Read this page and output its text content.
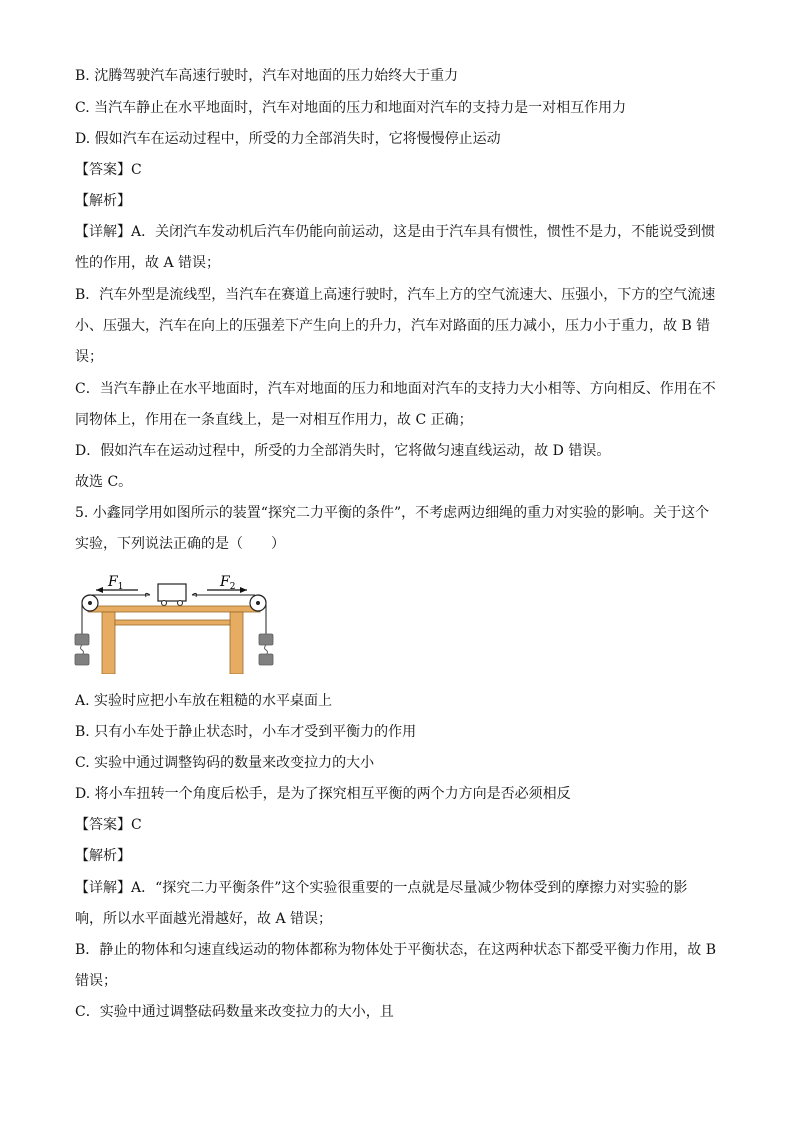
B. 沈腾驾驶汽车高速行驶时，汽车对地面的压力始终大于重力
C. 当汽车静止在水平地面时，汽车对地面的压力和地面对汽车的支持力是一对相互作用力
D. 假如汽车在运动过程中，所受的力全部消失时，它将慢慢停止运动
【答案】C
【解析】
【详解】A．关闭汽车发动机后汽车仍能向前运动，这是由于汽车具有惯性，惯性不是力，不能说受到惯
性的作用，故 A 错误；
B．汽车外型是流线型，当汽车在赛道上高速行驶时，汽车上方的空气流速大、压强小，下方的空气流速
小、压强大，汽车在向上的压强差下产生向上的升力，汽车对路面的压力减小，压力小于重力，故 B 错
误；
C．当汽车静止在水平地面时，汽车对地面的压力和地面对汽车的支持力大小相等、方向相反、作用在不
同物体上，作用在一条直线上，是一对相互作用力，故 C 正确；
D．假如汽车在运动过程中，所受的力全部消失时，它将做匀速直线运动，故 D 错误。
故选 C。
5. 小鑫同学用如图所示的装置“探究二力平衡的条件”，不考虑两边细绳的重力对实验的影响。关于这个
实验，下列说法正确的是（　　）
A. 实验时应把小车放在粗糙的水平桌面上
B. 只有小车处于静止状态时，小车才受到平衡力的作用
C. 实验中通过调整钩码的数量来改变拉力的大小
D. 将小车扭转一个角度后松手，是为了探究相互平衡的两个力方向是否必须相反
【答案】C
【解析】
【详解】A．“探究二力平衡条件”这个实验很重要的一点就是尽量减少物体受到的摩擦力对实验的影
响，所以水平面越光滑越好，故 A 错误；
B．静止的物体和匀速直线运动的物体都称为物体处于平衡状态，在这两种状态下都受平衡力作用，故 B
错误；
C．实验中通过调整砝码数量来改变拉力的大小，且
$F_1$	$F_2$
